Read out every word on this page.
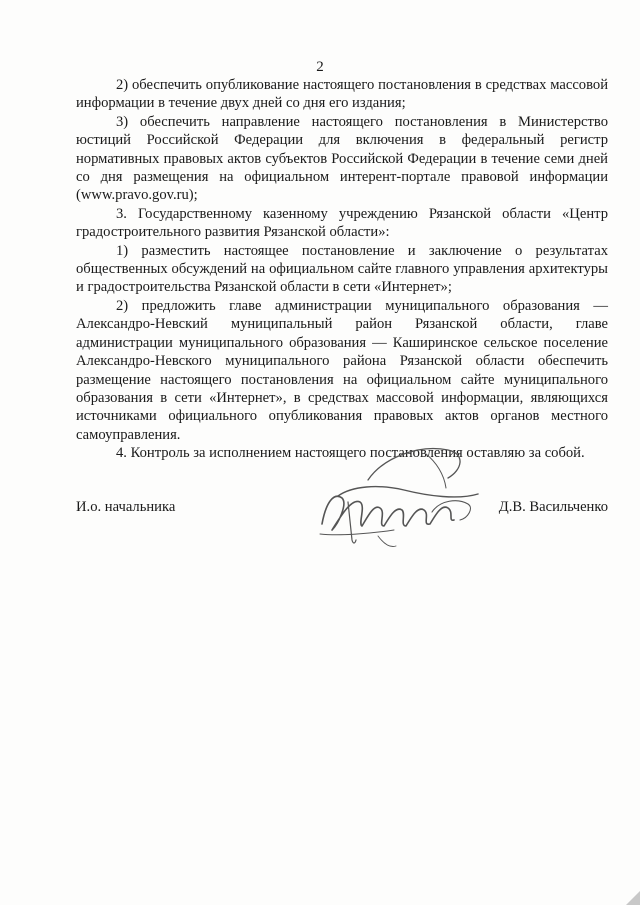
2

2) обеспечить опубликование настоящего постановления в средствах массовой информации в течение двух дней со дня его издания;

3) обеспечить направление настоящего постановления в Министерство юстиций Российской Федерации для включения в федеральный регистр нормативных правовых актов субъектов Российской Федерации в течение семи дней со дня размещения на официальном интерент-портале правовой информации (www.pravo.gov.ru);

3. Государственному казенному учреждению Рязанской области «Центр градостроительного развития Рязанской области»:

1) разместить настоящее постановление и заключение о результатах общественных обсуждений на официальном сайте главного управления архитектуры и градостроительства Рязанской области в сети «Интернет»;

2) предложить главе администрации муниципального образования — Александро-Невский муниципальный район Рязанской области, главе администрации муниципального образования — Каширинское сельское поселение Александро-Невского муниципального района Рязанской области обеспечить размещение настоящего постановления на официальном сайте муниципального образования в сети «Интернет», в средствах массовой информации, являющихся источниками официального опубликования правовых актов органов местного самоуправления.

4. Контроль за исполнением настоящего постановления оставляю за собой.

И.о. начальника	Д.В. Васильченко
